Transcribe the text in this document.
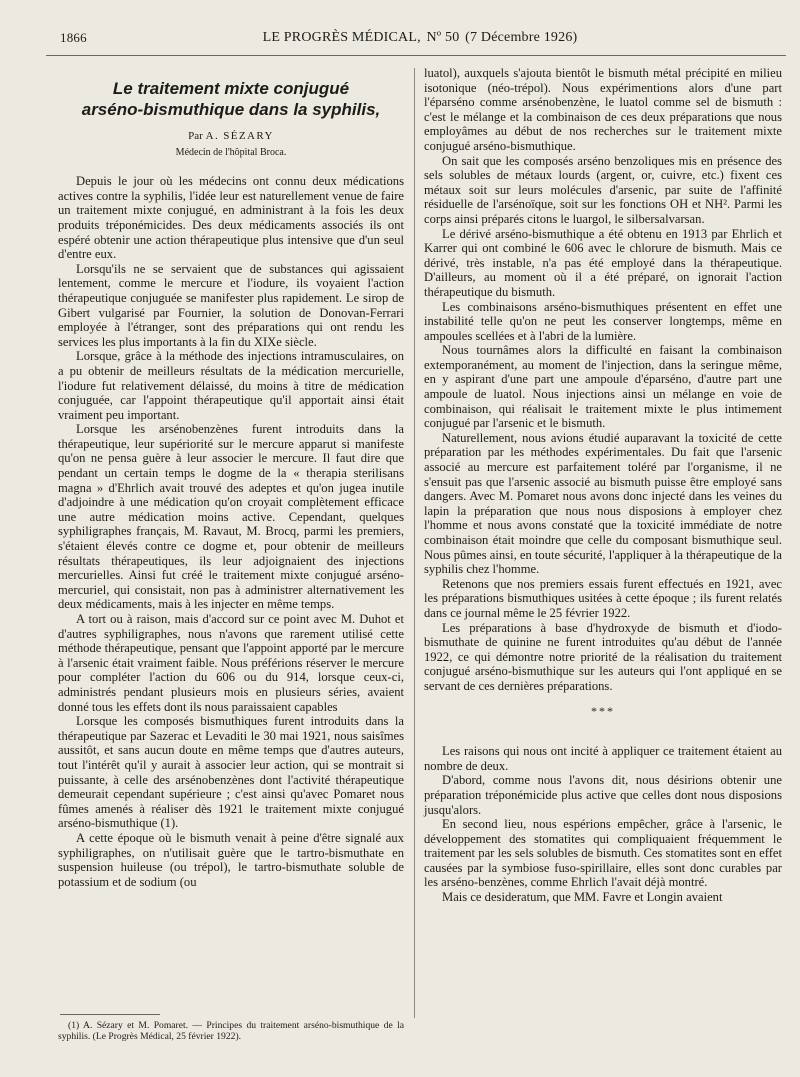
1866	LE PROGRÈS MÉDICAL, Nº 50 (7 Décembre 1926)
Le traitement mixte conjugué
arséno-bismuthique dans la syphilis,
Par A. SÉZARY
Médecin de l'hôpital Broca.

Depuis le jour où les médecins ont connu deux médications actives contre la syphilis, l'idée leur est naturellement venue de faire un traitement mixte conjugué, en administrant à la fois les deux produits tréponémicides. Des deux médicaments associés ils ont espéré obtenir une action thérapeutique plus intensive que d'un seul d'entre eux.

Lorsqu'ils ne se servaient que de substances qui agissaient lentement, comme le mercure et l'iodure, ils voyaient l'action thérapeutique conjuguée se manifester plus rapidement. Le sirop de Gibert vulgarisé par Fournier, la solution de Donovan-Ferrari employée à l'étranger, sont des préparations qui ont rendu les services les plus importants à la fin du XIXe siècle.

Lorsque, grâce à la méthode des injections intramusculaires, on a pu obtenir de meilleurs résultats de la médication mercurielle, l'iodure fut relativement délaissé, du moins à titre de médication conjuguée, car l'appoint thérapeutique qu'il apportait ainsi était vraiment peu important.

Lorsque les arsénobenzènes furent introduits dans la thérapeutique, leur supériorité sur le mercure apparut si manifeste qu'on ne pensa guère à leur associer le mercure. Il faut dire que pendant un certain temps le dogme de la « therapia sterilisans magna » d'Ehrlich avait trouvé des adeptes et qu'on jugea inutile d'adjoindre à une médication qu'on croyait complètement efficace une autre médication moins active. Cependant, quelques syphiligraphes français, M. Ravaut, M. Brocq, parmi les premiers, s'étaient élevés contre ce dogme et, pour obtenir de meilleurs résultats thérapeutiques, ils leur adjoignaient des injections mercurielles. Ainsi fut créé le traitement mixte conjugué arséno-mercuriel, qui consistait, non pas à administrer alternativement les deux médicaments, mais à les injecter en même temps.

A tort ou à raison, mais d'accord sur ce point avec M. Duhot et d'autres syphiligraphes, nous n'avons que rarement utilisé cette méthode thérapeutique, pensant que l'appoint apporté par le mercure à l'arsenic était vraiment faible. Nous préférions réserver le mercure pour compléter l'action du 606 ou du 914, lorsque ceux-ci, administrés pendant plusieurs mois en plusieurs séries, avaient donné tous les effets dont ils nous paraissaient capables

Lorsque les composés bismuthiques furent introduits dans la thérapeutique par Sazerac et Levaditi le 30 mai 1921, nous saisîmes aussitôt, et sans aucun doute en même temps que d'autres auteurs, tout l'intérêt qu'il y aurait à associer leur action, qui se montrait si puissante, à celle des arsénobenzènes dont l'activité thérapeutique demeurait cependant supérieure ; c'est ainsi qu'avec Pomaret nous fûmes amenés à réaliser dès 1921 le traitement mixte conjugué arséno-bismuthique (1).

A cette époque où le bismuth venait à peine d'être signalé aux syphiligraphes, on n'utilisait guère que le tartro-bismuthate en suspension huileuse (ou trépol), le tartro-bismuthate soluble de potassium et de sodium (ou

(1) A. Sézary et M. Pomaret. — Principes du traitement arséno-bismuthique de la syphilis. (Le Progrès Médical, 25 février 1922).

luatol), auxquels s'ajouta bientôt le bismuth métal précipité en milieu isotonique (néo-trépol). Nous expérimentions alors d'une part l'éparséno comme arsénobenzène, le luatol comme sel de bismuth : c'est le mélange et la combinaison de ces deux préparations que nous employâmes au début de nos recherches sur le traitement mixte conjugué arséno-bismuthique.

On sait que les composés arséno benzoliques mis en présence des sels solubles de métaux lourds (argent, or, cuivre, etc.) fixent ces métaux soit sur leurs molécules d'arsenic, par suite de l'affinité résiduelle de l'arsénoïque, soit sur les fonctions OH et NH². Parmi les corps ainsi préparés citons le luargol, le silbersalvarsan.

Le dérivé arséno-bismuthique a été obtenu en 1913 par Ehrlich et Karrer qui ont combiné le 606 avec le chlorure de bismuth. Mais ce dérivé, très instable, n'a pas été employé dans la thérapeutique. D'ailleurs, au moment où il a été préparé, on ignorait l'action thérapeutique du bismuth.

Les combinaisons arséno-bismuthiques présentent en effet une instabilité telle qu'on ne peut les conserver longtemps, même en ampoules scellées et à l'abri de la lumière.

Nous tournâmes alors la difficulté en faisant la combinaison extemporanément, au moment de l'injection, dans la seringue même, en y aspirant d'une part une ampoule d'éparséno, d'autre part une ampoule de luatol. Nous injections ainsi un mélange en voie de combinaison, qui réalisait le traitement mixte le plus intimement conjugué par l'arsenic et le bismuth.

Naturellement, nous avions étudié auparavant la toxicité de cette préparation par les méthodes expérimentales. Du fait que l'arsenic associé au mercure est parfaitement toléré par l'organisme, il ne s'ensuit pas que l'arsenic associé au bismuth puisse être employé sans dangers. Avec M. Pomaret nous avons donc injecté dans les veines du lapin la préparation que nous nous disposions à employer chez l'homme et nous avons constaté que la toxicité immédiate de notre combinaison était moindre que celle du composant bismuthique seul. Nous pûmes ainsi, en toute sécurité, l'appliquer à la thérapeutique de la syphilis chez l'homme.

Retenons que nos premiers essais furent effectués en 1921, avec les préparations bismuthiques usitées à cette époque ; ils furent relatés dans ce journal même le 25 février 1922.

Les préparations à base d'hydroxyde de bismuth et d'iodo-bismuthate de quinine ne furent introduites qu'au début de l'année 1922, ce qui démontre notre priorité de la réalisation du traitement conjugué arséno-bismuthique sur les auteurs qui l'ont appliqué en se servant de ces dernières préparations.

***

Les raisons qui nous ont incité à appliquer ce traitement étaient au nombre de deux.

D'abord, comme nous l'avons dit, nous désirions obtenir une préparation tréponémicide plus active que celles dont nous disposions jusqu'alors.

En second lieu, nous espérions empêcher, grâce à l'arsenic, le développement des stomatites qui compliquaient fréquemment le traitement par les sels solubles de bismuth. Ces stomatites sont en effet causées par la symbiose fuso-spirillaire, elles sont donc curables par les arséno-benzènes, comme Ehrlich l'avait déjà montré.

Mais ce desideratum, que MM. Favre et Longin avaient
